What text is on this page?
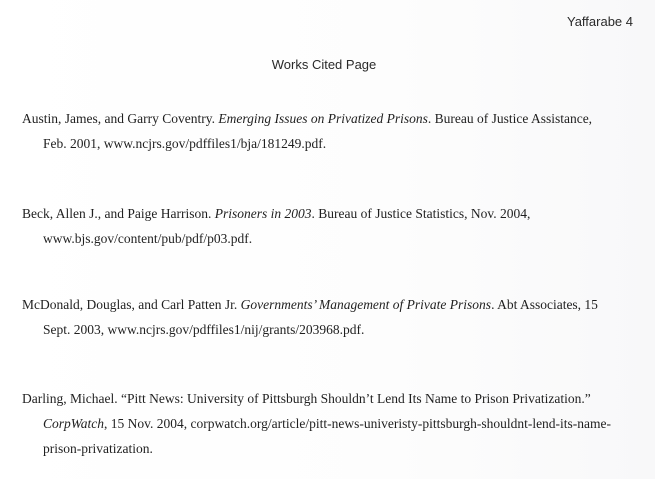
Yaffarabe 4
Works Cited Page
Austin, James, and Garry Coventry. Emerging Issues on Privatized Prisons. Bureau of Justice Assistance,
Feb. 2001, www.ncjrs.gov/pdffiles1/bja/181249.pdf.
Beck, Allen J., and Paige Harrison. Prisoners in 2003. Bureau of Justice Statistics, Nov. 2004,
www.bjs.gov/content/pub/pdf/p03.pdf.
McDonald, Douglas, and Carl Patten Jr. Governments’ Management of Private Prisons. Abt Associates, 15
Sept. 2003, www.ncjrs.gov/pdffiles1/nij/grants/203968.pdf.
Darling, Michael. “Pitt News: University of Pittsburgh Shouldn’t Lend Its Name to Prison Privatization.”
CorpWatch, 15 Nov. 2004, corpwatch.org/article/pitt-news-univeristy-pittsburgh-shouldnt-lend-its-name-
prison-privatization.
